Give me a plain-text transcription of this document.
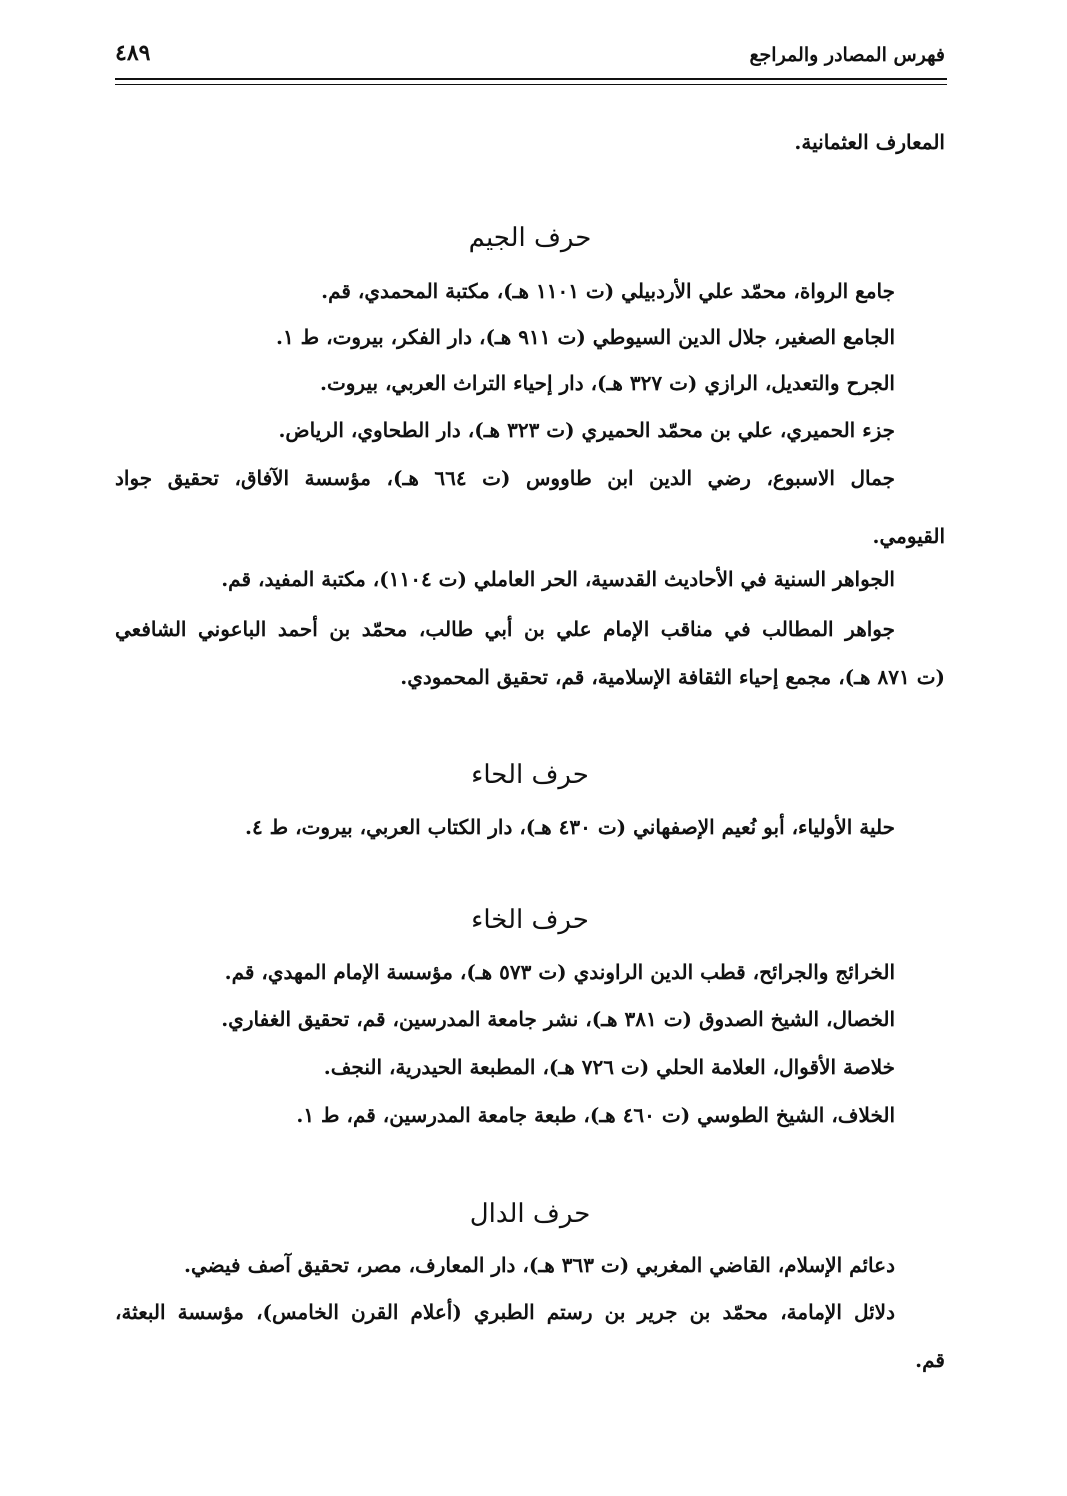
فهرس المصادر والمراجع
٤٨٩
المعارف العثمانية.
حرف الجيم
جامع الرواة، محمّد علي الأردبيلي (ت ١١٠١ هـ)، مكتبة المحمدي، قم.
الجامع الصغير، جلال الدين السيوطي (ت ٩١١ هـ)، دار الفكر، بيروت، ط ١.
الجرح والتعديل، الرازي (ت ٣٢٧ هـ)، دار إحياء التراث العربي، بيروت.
جزء الحميري، علي بن محمّد الحميري (ت ٣٢٣ هـ)، دار الطحاوي، الرياض.
جمال الاسبوع، رضي الدين ابن طاووس (ت ٦٦٤ هـ)، مؤسسة الآفاق، تحقيق جواد
القيومي.
الجواهر السنية في الأحاديث القدسية، الحر العاملي (ت ١١٠٤)، مكتبة المفيد، قم.
جواهر المطالب في مناقب الإمام علي بن أبي طالب، محمّد بن أحمد الباعوني الشافعي
(ت ٨٧١ هـ)، مجمع إحياء الثقافة الإسلامية، قم، تحقيق المحمودي.
حرف الحاء
حلية الأولياء، أبو نُعيم الإصفهاني (ت ٤٣٠ هـ)، دار الكتاب العربي، بيروت، ط ٤.
حرف الخاء
الخرائج والجرائح، قطب الدين الراوندي (ت ٥٧٣ هـ)، مؤسسة الإمام المهدي، قم.
الخصال، الشيخ الصدوق (ت ٣٨١ هـ)، نشر جامعة المدرسين، قم، تحقيق الغفاري.
خلاصة الأقوال، العلامة الحلي (ت ٧٢٦ هـ)، المطبعة الحيدرية، النجف.
الخلاف، الشيخ الطوسي (ت ٤٦٠ هـ)، طبعة جامعة المدرسين، قم، ط ١.
حرف الدال
دعائم الإسلام، القاضي المغربي (ت ٣٦٣ هـ)، دار المعارف، مصر، تحقيق آصف فيضي.
دلائل الإمامة، محمّد بن جرير بن رستم الطبري (أعلام القرن الخامس)، مؤسسة البعثة،
قم.
